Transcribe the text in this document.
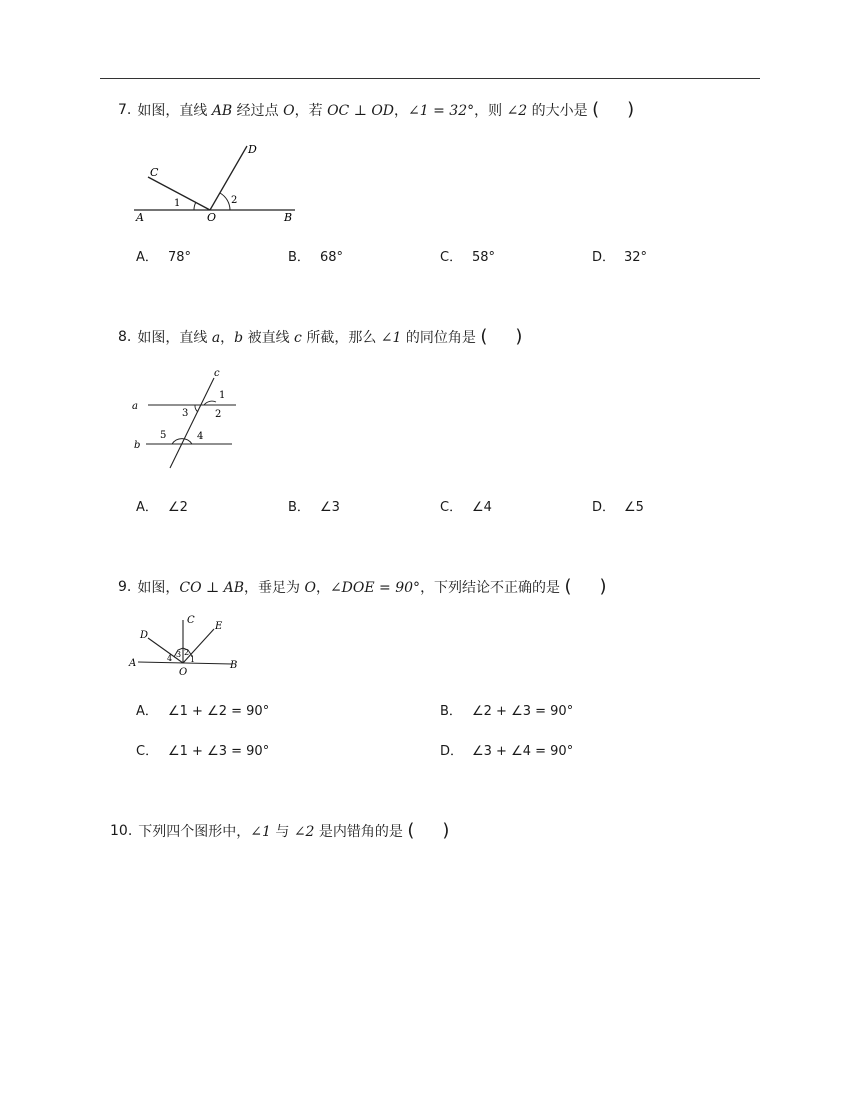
7. 如图，直线 AB 经过点 O，若 OC ⊥ OD，∠1 = 32°，则 ∠2 的大小是 ( )
C
D
A	O	B
1	2
A． 78°	B． 68°	C． 58°	D． 32°
8. 如图，直线 a，b 被直线 c 所截，那么 ∠1 的同位角是 ( )
c
a
b
1
2
3
4
5
A． ∠2	B． ∠3	C． ∠4	D． ∠5
9. 如图，CO ⊥ AB，垂足为 O，∠DOE = 90°，下列结论不正确的是 ( )
D
C
E
A	B
O
4 3 2
1
A． ∠1 + ∠2 = 90°	B． ∠2 + ∠3 = 90°
C． ∠1 + ∠3 = 90°	D． ∠3 + ∠4 = 90°
10. 下列四个图形中，∠1 与 ∠2 是内错角的是 ( )
